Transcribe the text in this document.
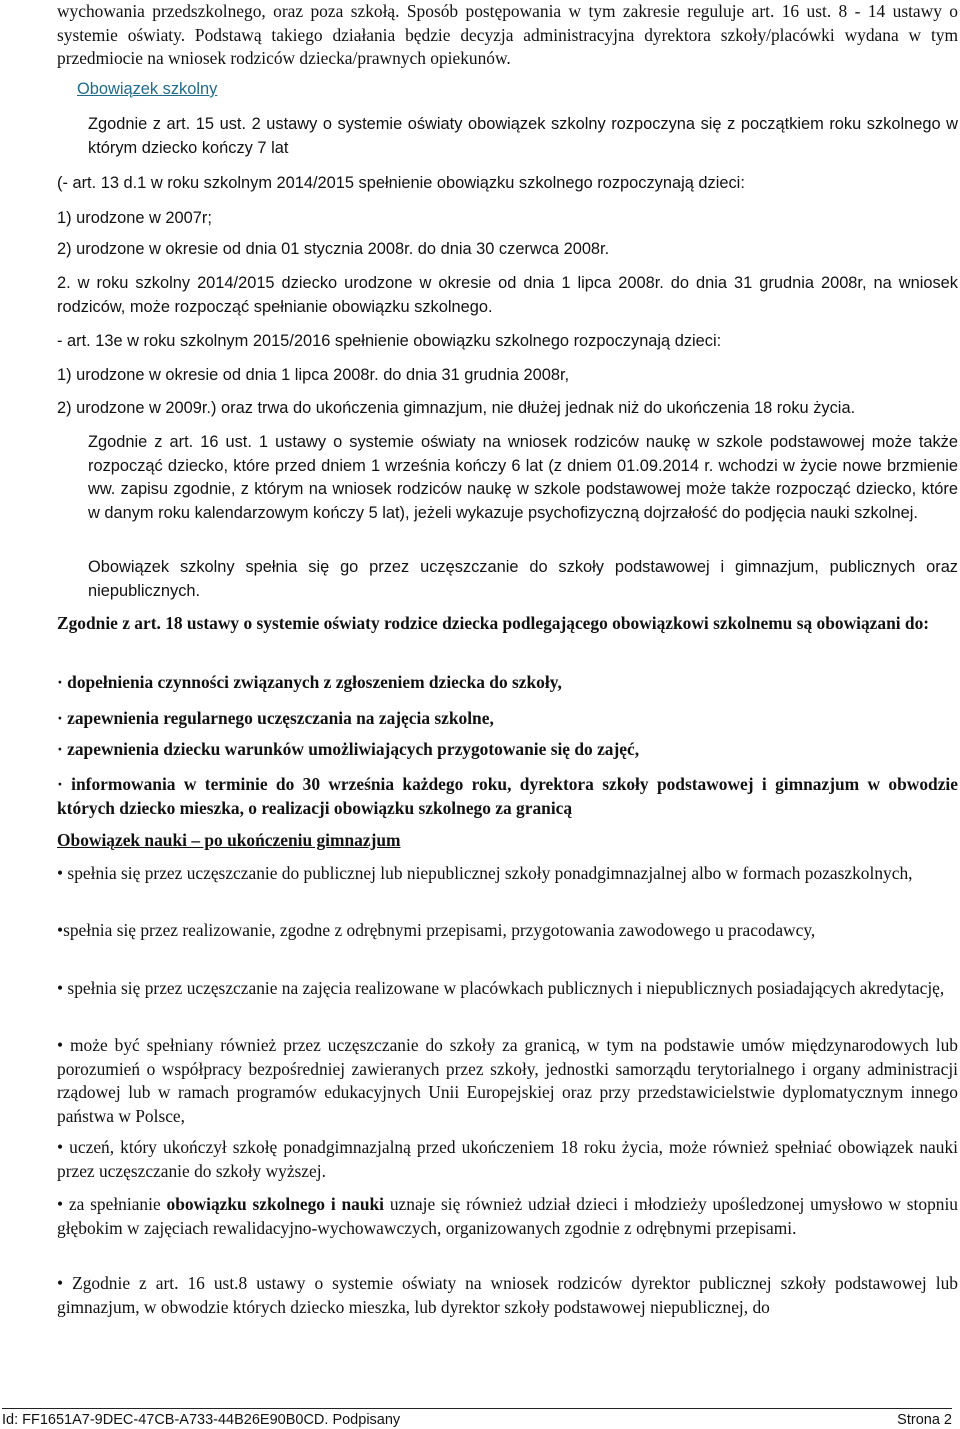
wychowania przedszkolnego, oraz poza szkołą. Sposób postępowania w tym zakresie reguluje art. 16 ust. 8 - 14 ustawy o systemie oświaty. Podstawą takiego działania będzie decyzja administracyjna dyrektora szkoły/placówki wydana w tym przedmiocie na wniosek rodziców dziecka/prawnych opiekunów.

Obowiązek szkolny

Zgodnie z art. 15 ust. 2 ustawy o systemie oświaty obowiązek szkolny rozpoczyna się z początkiem roku szkolnego w którym dziecko kończy 7 lat

(- art. 13 d.1 w roku szkolnym 2014/2015 spełnienie obowiązku szkolnego rozpoczynają dzieci:

1) urodzone w 2007r;

2) urodzone w okresie od dnia 01 stycznia 2008r. do dnia 30 czerwca 2008r.

2. w roku szkolny 2014/2015 dziecko urodzone w okresie od dnia 1 lipca 2008r. do dnia 31 grudnia 2008r, na wniosek rodziców, może rozpocząć spełnianie obowiązku szkolnego.

- art. 13e w roku szkolnym 2015/2016 spełnienie obowiązku szkolnego rozpoczynają dzieci:

1) urodzone w okresie od dnia 1 lipca 2008r. do dnia 31 grudnia 2008r,

2) urodzone w 2009r.) oraz trwa do ukończenia gimnazjum, nie dłużej jednak niż do ukończenia 18 roku życia.

Zgodnie z art. 16 ust. 1 ustawy o systemie oświaty na wniosek rodziców naukę w szkole podstawowej może także rozpocząć dziecko, które przed dniem 1 września kończy 6 lat (z dniem 01.09.2014 r. wchodzi w życie nowe brzmienie ww. zapisu zgodnie, z którym na wniosek rodziców naukę w szkole podstawowej może także rozpocząć dziecko, które w danym roku kalendarzowym kończy 5 lat), jeżeli wykazuje psychofizyczną dojrzałość do podjęcia nauki szkolnej.

Obowiązek szkolny spełnia się go przez uczęszczanie do szkoły podstawowej i gimnazjum, publicznych oraz niepublicznych.

Zgodnie z art. 18 ustawy o systemie oświaty rodzice dziecka podlegającego obowiązkowi szkolnemu są obowiązani do:

· dopełnienia czynności związanych z zgłoszeniem dziecka do szkoły,

· zapewnienia regularnego uczęszczania na zajęcia szkolne,

· zapewnienia dziecku warunków umożliwiających przygotowanie się do zajęć,

· informowania w terminie do 30 września każdego roku, dyrektora szkoły podstawowej i gimnazjum w obwodzie których dziecko mieszka, o realizacji obowiązku szkolnego za granicą

Obowiązek nauki – po ukończeniu gimnazjum

• spełnia się przez uczęszczanie do publicznej lub niepublicznej szkoły ponadgimnazjalnej albo w formach pozaszkolnych,

•spełnia się przez realizowanie, zgodne z odrębnymi przepisami, przygotowania zawodowego u pracodawcy,

• spełnia się przez uczęszczanie na zajęcia realizowane w placówkach publicznych i niepublicznych posiadających akredytację,

• może być spełniany również przez uczęszczanie do szkoły za granicą, w tym na podstawie umów międzynarodowych lub porozumień o współpracy bezpośredniej zawieranych przez szkoły, jednostki samorządu terytorialnego i organy administracji rządowej lub w ramach programów edukacyjnych Unii Europejskiej oraz przy przedstawicielstwie dyplomatycznym innego państwa w Polsce,

• uczeń, który ukończył szkołę ponadgimnazjalną przed ukończeniem 18 roku życia, może również spełniać obowiązek nauki przez uczęszczanie do szkoły wyższej.

• za spełnianie obowiązku szkolnego i nauki uznaje się również udział dzieci i młodzieży upośledzonej umysłowo w stopniu głębokim w zajęciach rewalidacyjno-wychowawczych, organizowanych zgodnie z odrębnymi przepisami.

• Zgodnie z art. 16 ust.8 ustawy o systemie oświaty na wniosek rodziców dyrektor publicznej szkoły podstawowej lub gimnazjum, w obwodzie których dziecko mieszka, lub dyrektor szkoły podstawowej niepublicznej, do

Id: FF1651A7-9DEC-47CB-A733-44B26E90B0CD. Podpisany	Strona 2
